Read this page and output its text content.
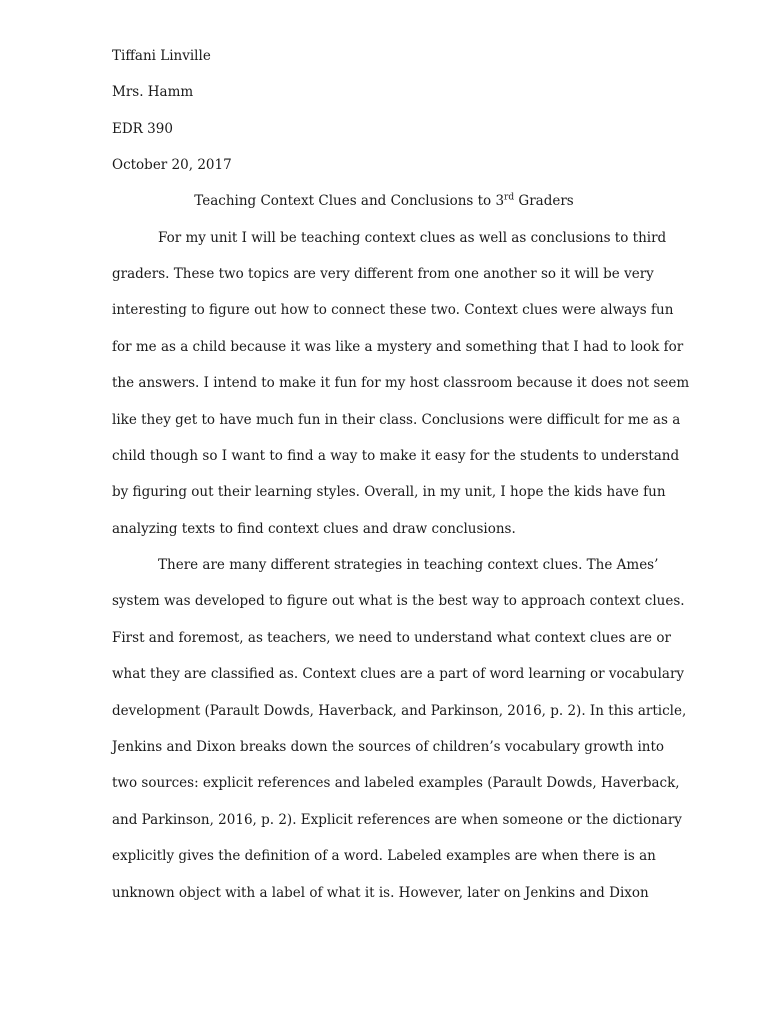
Tiffani Linville
Mrs. Hamm
EDR 390
October 20, 2017
Teaching Context Clues and Conclusions to 3rd Graders
For my unit I will be teaching context clues as well as conclusions to third
graders. These two topics are very different from one another so it will be very
interesting to figure out how to connect these two. Context clues were always fun
for me as a child because it was like a mystery and something that I had to look for
the answers. I intend to make it fun for my host classroom because it does not seem
like they get to have much fun in their class. Conclusions were difficult for me as a
child though so I want to find a way to make it easy for the students to understand
by figuring out their learning styles. Overall, in my unit, I hope the kids have fun
analyzing texts to find context clues and draw conclusions.
There are many different strategies in teaching context clues. The Ames’
system was developed to figure out what is the best way to approach context clues.
First and foremost, as teachers, we need to understand what context clues are or
what they are classified as. Context clues are a part of word learning or vocabulary
development (Parault Dowds, Haverback, and Parkinson, 2016, p. 2). In this article,
Jenkins and Dixon breaks down the sources of children’s vocabulary growth into
two sources: explicit references and labeled examples (Parault Dowds, Haverback,
and Parkinson, 2016, p. 2). Explicit references are when someone or the dictionary
explicitly gives the definition of a word. Labeled examples are when there is an
unknown object with a label of what it is. However, later on Jenkins and Dixon
